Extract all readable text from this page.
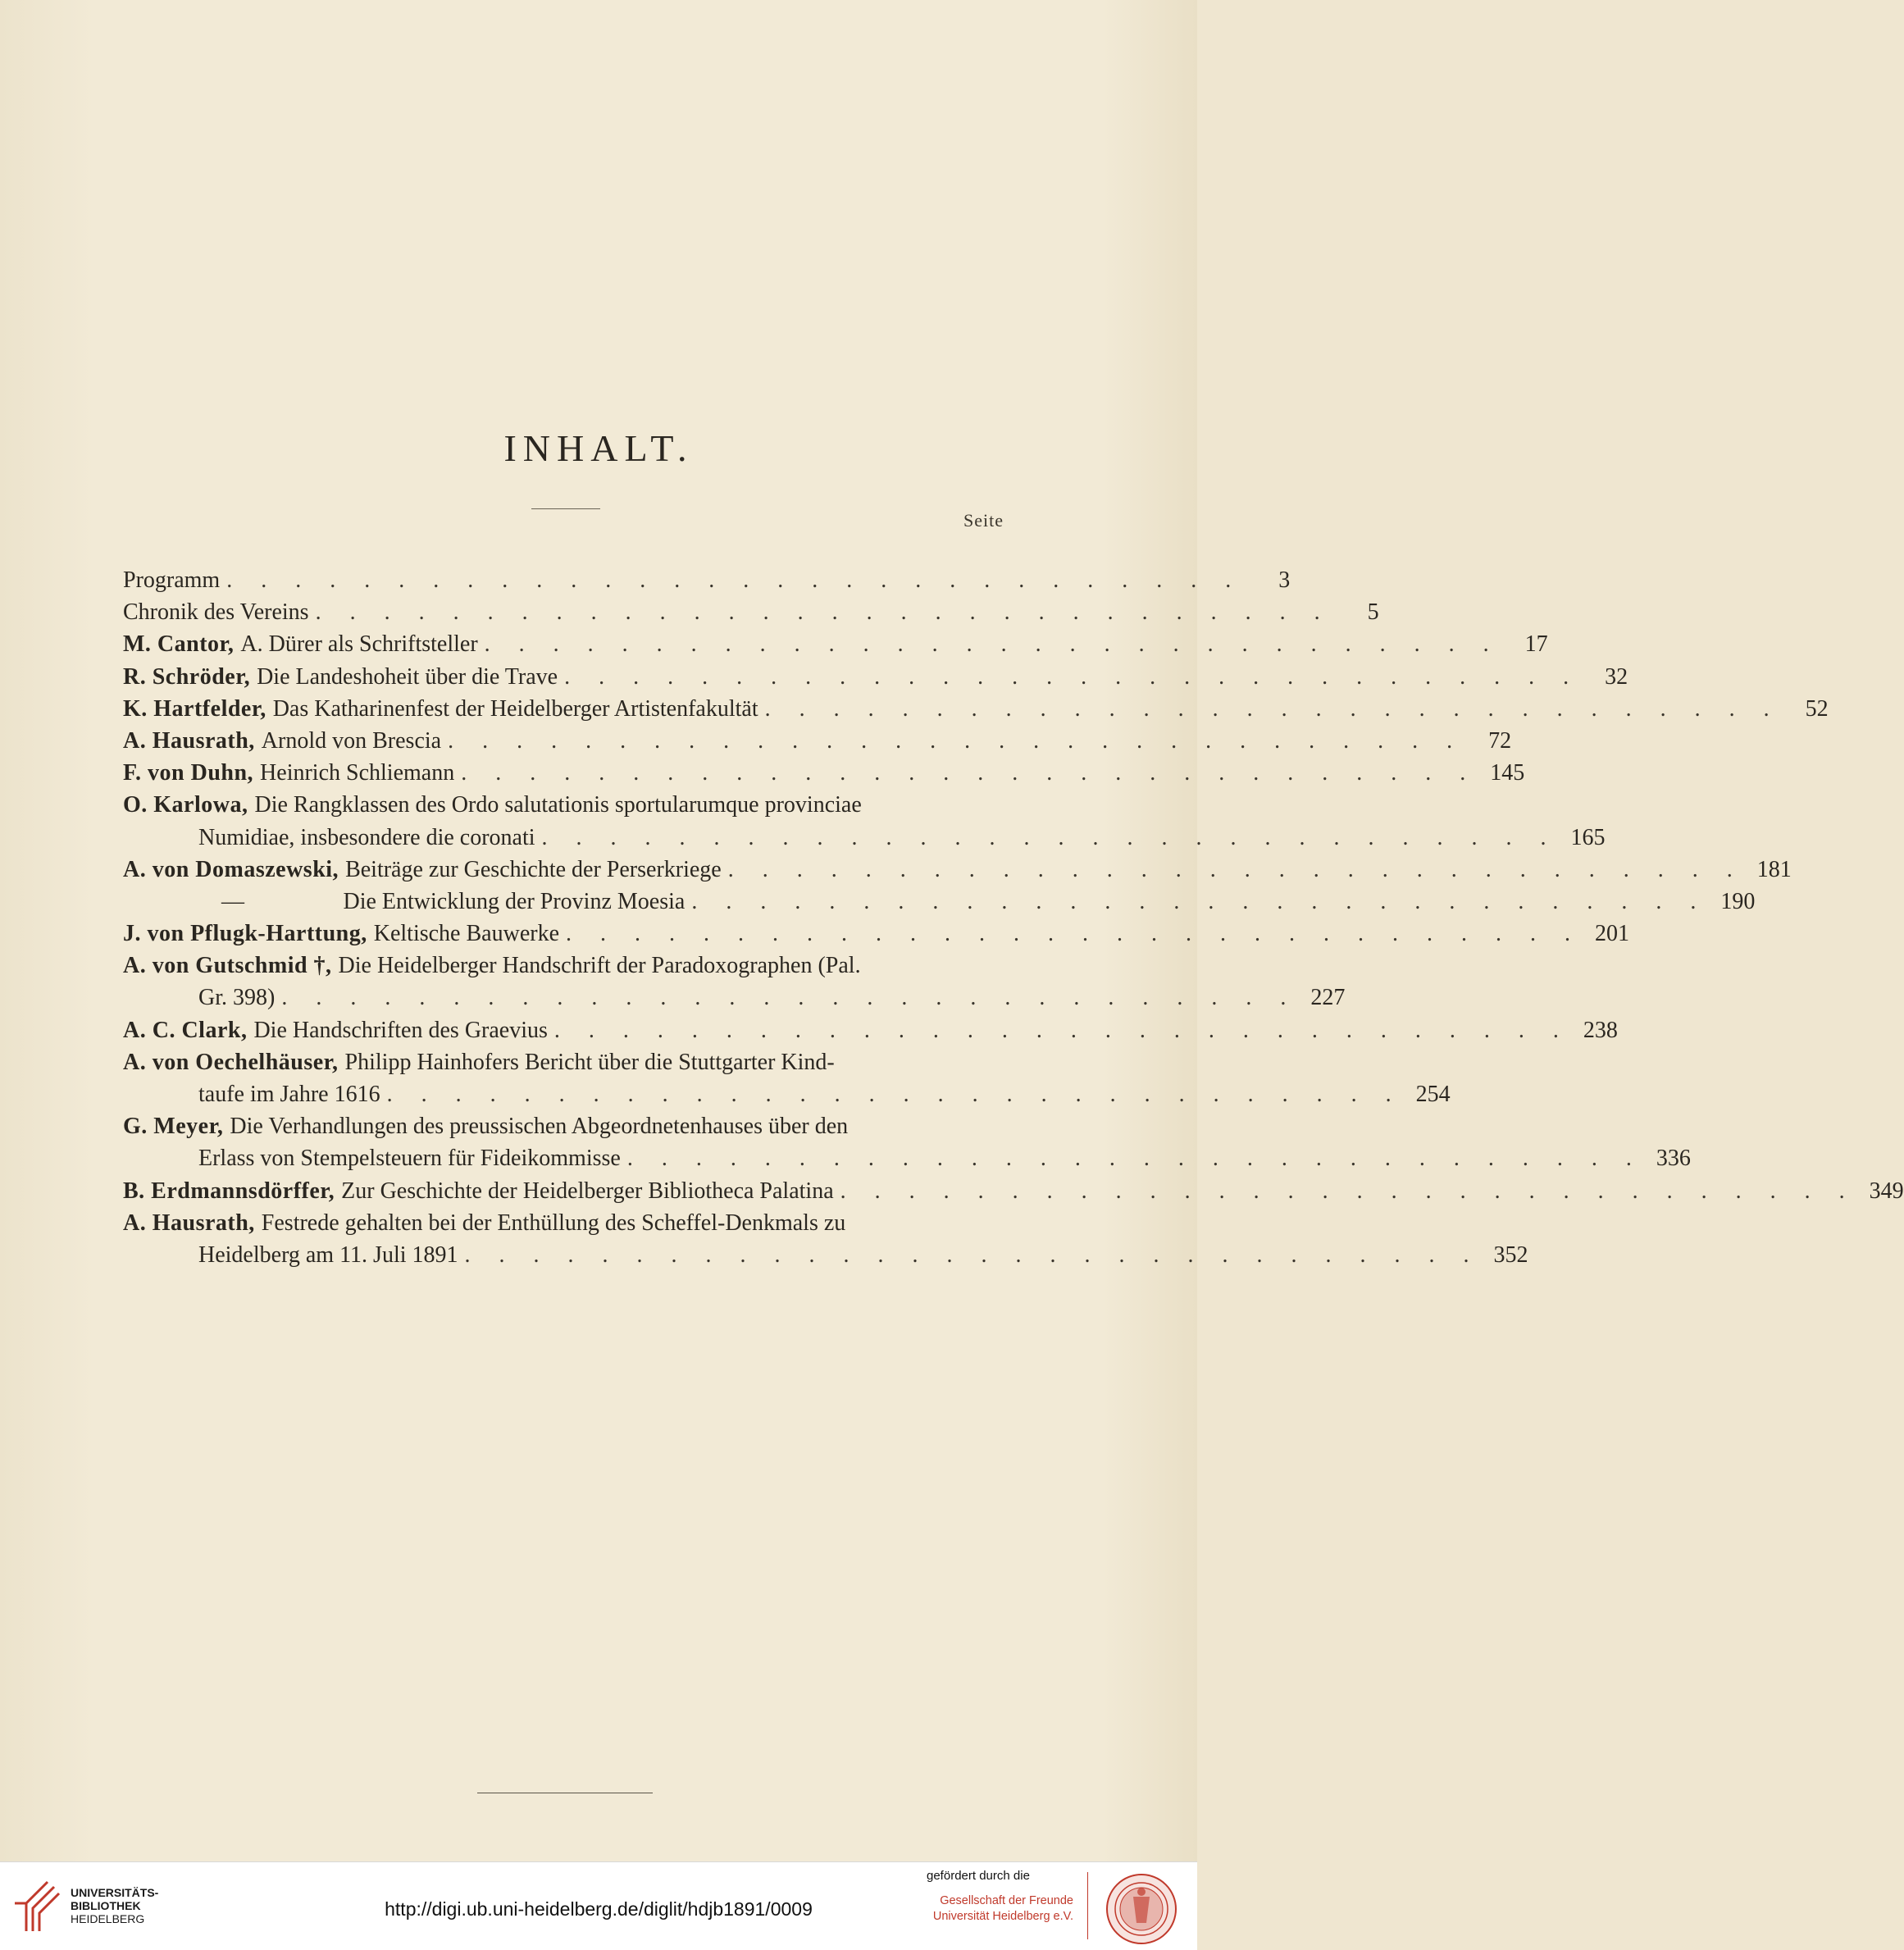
INHALT.
Seite
Programm . . . . . . . . . . . . . . . . . . . . . . . . . . . . . .	3
Chronik des Vereins . . . . . . . . . . . . . . . . . . . . . . . . . . . . . .	5
M. Cantor, A. Dürer als Schriftsteller . . . . . . . . . . . . . . . . . . . . . . . . . . . . . .	17
R. Schröder, Die Landeshoheit über die Trave . . . . . . . . . . . . . . . . . . . . . . . . . . . . . .	32
K. Hartfelder, Das Katharinenfest der Heidelberger Artistenfakultät . . . . . . . . . . . . . . . . . . . . . . . . . . . . . .	52
A. Hausrath, Arnold von Brescia . . . . . . . . . . . . . . . . . . . . . . . . . . . . . .	72
F. von Duhn, Heinrich Schliemann . . . . . . . . . . . . . . . . . . . . . . . . . . . . . . 145
O. Karlowa, Die Rangklassen des Ordo salutationis sportularumque provinciae
Numidiae, insbesondere die coronati . . . . . . . . . . . . . . . . . . . . . . . . . . . . . . 165
A. von Domaszewski, Beiträge zur Geschichte der Perserkriege . . . . . . . . . . . . . . . . . . . . . . . . . . . . . . 181
—	Die Entwicklung der Provinz Moesia . . . . . . . . . . . . . . . . . . . . . . . . . . . . . . 190
J. von Pflugk-Harttung, Keltische Bauwerke . . . . . . . . . . . . . . . . . . . . . . . . . . . . . . 201
A. von Gutschmid †, Die Heidelberger Handschrift der Paradoxographen (Pal.
Gr. 398) . . . . . . . . . . . . . . . . . . . . . . . . . . . . . . 227
A. C. Clark, Die Handschriften des Graevius . . . . . . . . . . . . . . . . . . . . . . . . . . . . . . 238
A. von Oechelhäuser, Philipp Hainhofers Bericht über die Stuttgarter Kind-
taufe im Jahre 1616 . . . . . . . . . . . . . . . . . . . . . . . . . . . . . . 254
G. Meyer, Die Verhandlungen des preussischen Abgeordnetenhauses über den
Erlass von Stempelsteuern für Fideikommisse . . . . . . . . . . . . . . . . . . . . . . . . . . . . . . 336
B. Erdmannsdörffer, Zur Geschichte der Heidelberger Bibliotheca Palatina . . . . . . . . . . . . . . . . . . . . . . . . . . . . . . 349
A. Hausrath, Festrede gehalten bei der Enthüllung des Scheffel-Denkmals zu
Heidelberg am 11. Juli 1891 . . . . . . . . . . . . . . . . . . . . . . . . . . . . . . 352
UNIVERSITÄTS-
BIBLIOTHEK
HEIDELBERG	http://digi.ub.uni-heidelberg.de/diglit/hdjb1891/0009
gefördert durch die
Gesellschaft der Freunde
Universität Heidelberg e.V.
